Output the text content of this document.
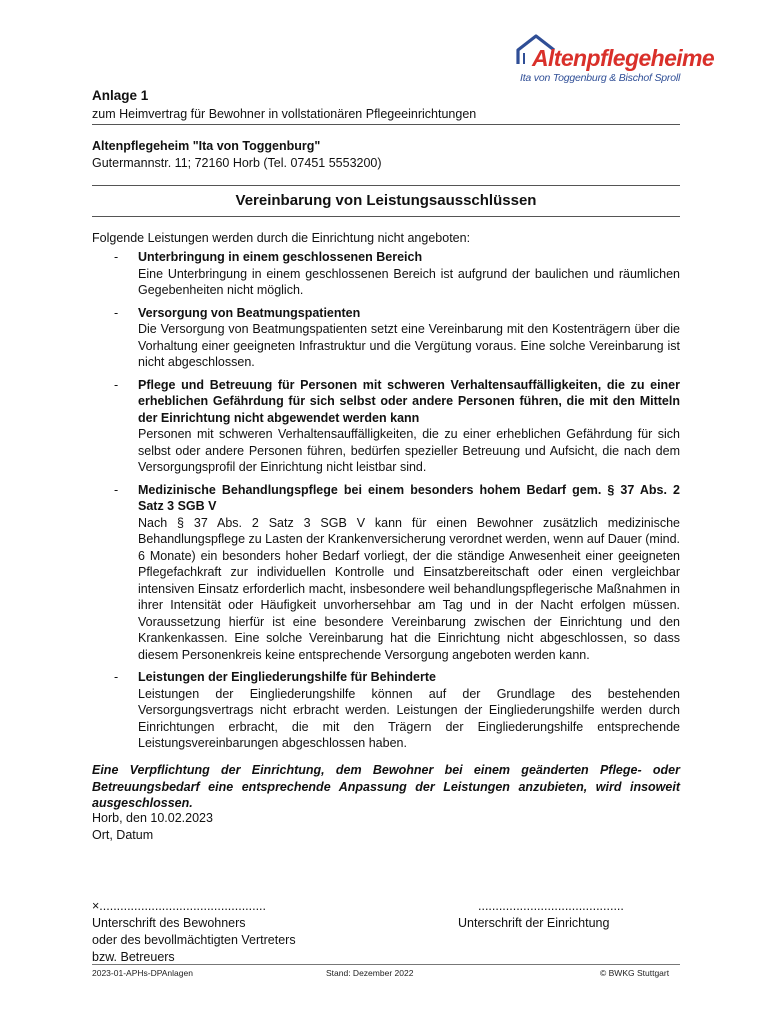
Altenpflegeheime
Ita von Toggenburg & Bischof Sproll
Anlage 1
zum Heimvertrag für Bewohner in vollstationären Pflegeeinrichtungen
Altenpflegeheim "Ita von Toggenburg"
Gutermannstr. 11; 72160 Horb (Tel. 07451 5553200)
Vereinbarung von Leistungsausschlüssen
Folgende Leistungen werden durch die Einrichtung nicht angeboten:
- Unterbringung in einem geschlossenen Bereich
Eine Unterbringung in einem geschlossenen Bereich ist aufgrund der baulichen und räumlichen Gegebenheiten nicht möglich.
- Versorgung von Beatmungspatienten
Die Versorgung von Beatmungspatienten setzt eine Vereinbarung mit den Kostenträgern über die Vorhaltung einer geeigneten Infrastruktur und die Vergütung voraus. Eine solche Vereinbarung ist nicht abgeschlossen.
- Pflege und Betreuung für Personen mit schweren Verhaltensauffälligkeiten, die zu einer erheblichen Gefährdung für sich selbst oder andere Personen führen, die mit den Mitteln der Einrichtung nicht abgewendet werden kann
Personen mit schweren Verhaltensauffälligkeiten, die zu einer erheblichen Gefährdung für sich selbst oder andere Personen führen, bedürfen spezieller Betreuung und Aufsicht, die nach dem Versorgungsprofil der Einrichtung nicht leistbar sind.
- Medizinische Behandlungspflege bei einem besonders hohem Bedarf gem. § 37 Abs. 2 Satz 3 SGB V
Nach § 37 Abs. 2 Satz 3 SGB V kann für einen Bewohner zusätzlich medizinische Behandlungspflege zu Lasten der Krankenversicherung verordnet werden, wenn auf Dauer (mind. 6 Monate) ein besonders hoher Bedarf vorliegt, der die ständige Anwesenheit einer geeigneten Pflegefachkraft zur individuellen Kontrolle und Einsatzbereitschaft oder einen vergleichbar intensiven Einsatz erforderlich macht, insbesondere weil behandlungspflegerische Maßnahmen in ihrer Intensität oder Häufigkeit unvorhersehbar am Tag und in der Nacht erfolgen müssen. Voraussetzung hierfür ist eine besondere Vereinbarung zwischen der Einrichtung und den Krankenkassen. Eine solche Vereinbarung hat die Einrichtung nicht abgeschlossen, so dass diesem Personenkreis keine entsprechende Versorgung angeboten werden kann.
- Leistungen der Eingliederungshilfe für Behinderte
Leistungen der Eingliederungshilfe können auf der Grundlage des bestehenden Versorgungsvertrags nicht erbracht werden. Leistungen der Eingliederungshilfe werden durch Einrichtungen erbracht, die mit den Trägern der Eingliederungshilfe entsprechende Leistungsvereinbarungen abgeschlossen haben.
Eine Verpflichtung der Einrichtung, dem Bewohner bei einem geänderten Pflege- oder Betreuungsbedarf eine entsprechende Anpassung der Leistungen anzubieten, wird insoweit ausgeschlossen.
Horb, den 10.02.2023
Ort, Datum
×................................................
Unterschrift des Bewohners
oder des bevollmächtigten Vertreters
bzw. Betreuers
..........................................
Unterschrift der Einrichtung
2023-01-APHs-DPAnlagen	Stand: Dezember 2022	© BWKG Stuttgart
